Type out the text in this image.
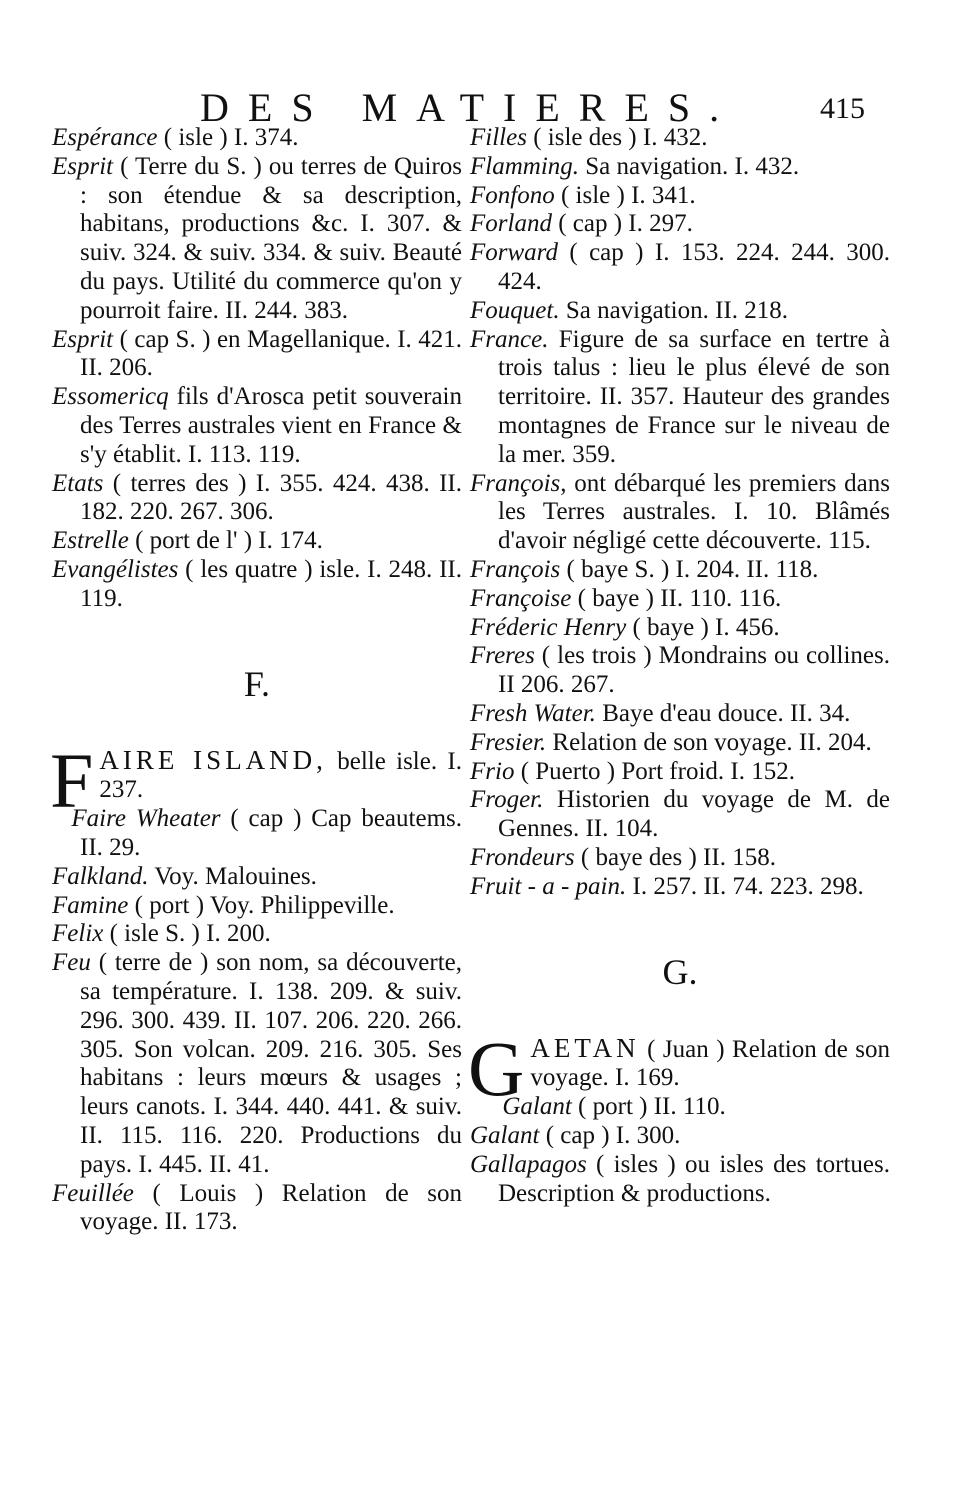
DES MATIERES.	415

Espérance ( isle ) I. 374.

Esprit ( Terre du S. ) ou terres de Quiros : son étendue & sa description, habitans, productions &c. I. 307. & suiv. 324. & suiv. 334. & suiv. Beauté du pays. Utilité du commerce qu'on y pourroit faire. II. 244. 383.

Esprit ( cap S. ) en Magellanique. I. 421. II. 206.

Essomericq fils d'Arosca petit souverain des Terres australes vient en France & s'y établit. I. 113. 119.

Etats ( terres des ) I. 355. 424. 438. II. 182. 220. 267. 306.

Estrelle ( port de l' ) I. 174.

Evangélistes ( les quatre ) isle. I. 248. II. 119.

F.

FAIRE ISLAND, belle isle. I. 237.

Faire Wheater ( cap ) Cap beautems. II. 29.

Falkland. Voy. Malouines.

Famine ( port ) Voy. Philippeville.

Felix ( isle S. ) I. 200.

Feu ( terre de ) son nom, sa découverte, sa température. I. 138. 209. & suiv. 296. 300. 439. II. 107. 206. 220. 266. 305. Son volcan. 209. 216. 305. Ses habitans : leurs mœurs & usages ; leurs canots. I. 344. 440. 441. & suiv. II. 115. 116. 220. Productions du pays. I. 445. II. 41.

Feuillée ( Louis ) Relation de son voyage. II. 173.

Filles ( isle des ) I. 432.

Flamming. Sa navigation. I. 432.

Fonfono ( isle ) I. 341.

Forland ( cap ) I. 297.

Forward ( cap ) I. 153. 224. 244. 300. 424.

Fouquet. Sa navigation. II. 218.

France. Figure de sa surface en tertre à trois talus : lieu le plus élevé de son territoire. II. 357. Hauteur des grandes montagnes de France sur le niveau de la mer. 359.

François, ont débarqué les premiers dans les Terres australes. I. 10. Blâmés d'avoir négligé cette découverte. 115.

François ( baye S. ) I. 204. II. 118.

Françoise ( baye ) II. 110. 116.

Fréderic Henry ( baye ) I. 456.

Freres ( les trois ) Mondrains ou collines. II 206. 267.

Fresh Water. Baye d'eau douce. II. 34.

Fresier. Relation de son voyage. II. 204.

Frio ( Puerto ) Port froid. I. 152.

Froger. Historien du voyage de M. de Gennes. II. 104.

Frondeurs ( baye des ) II. 158.

Fruit - a - pain. I. 257. II. 74. 223. 298.

G.

GAETAN ( Juan ) Relation de son voyage. I. 169.

Galant ( port ) II. 110.

Galant ( cap ) I. 300.

Gallapagos ( isles ) ou isles des tortues. Description & productions.
